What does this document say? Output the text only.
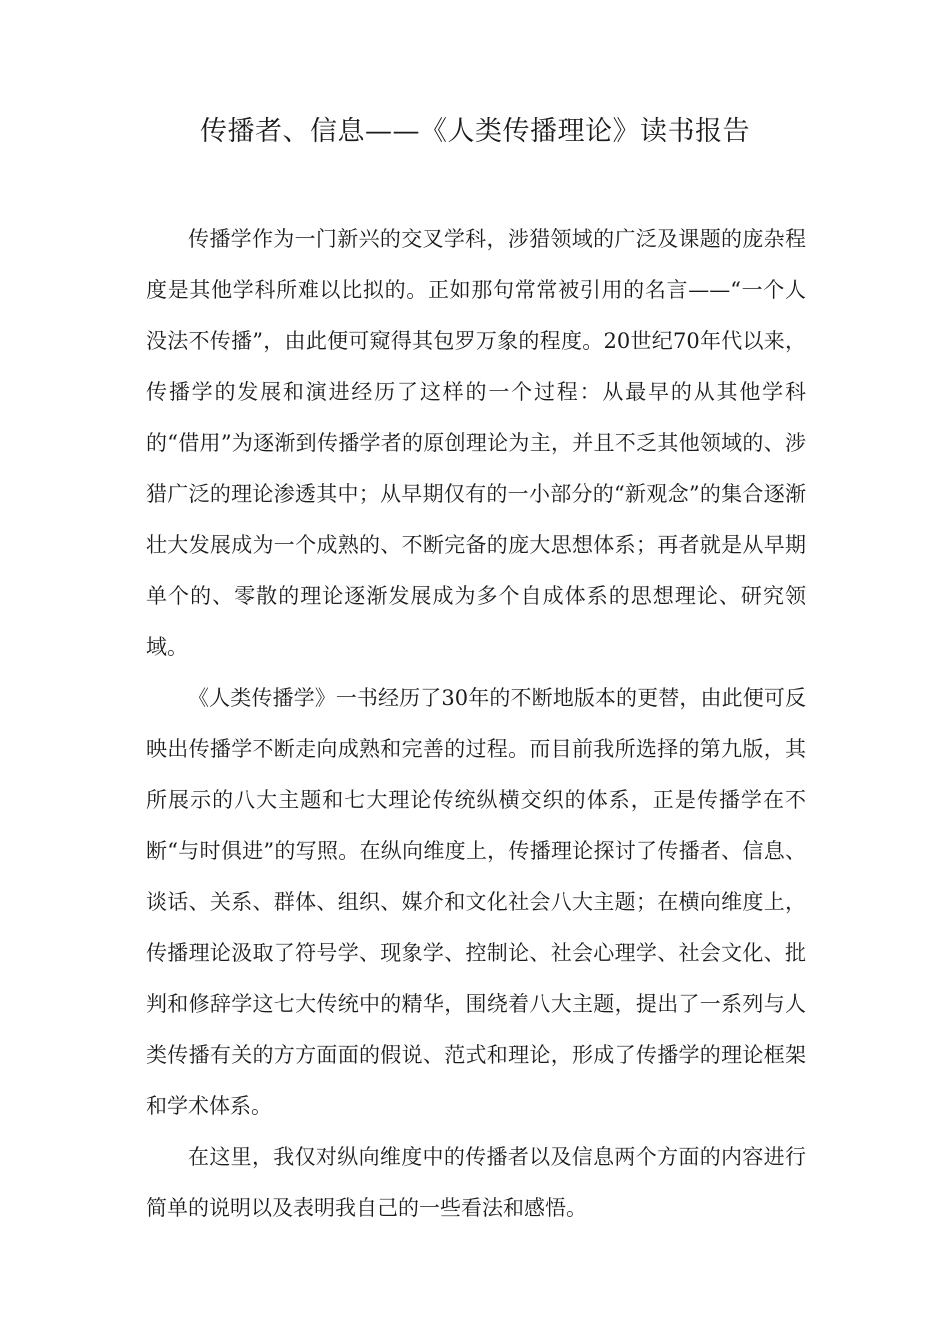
传播者、信息——《人类传播理论》读书报告

传播学作为一门新兴的交叉学科，涉猎领域的广泛及课题的庞杂程度是其他学科所难以比拟的。正如那句常常被引用的名言——“一个人没法不传播”，由此便可窥得其包罗万象的程度。20世纪70年代以来，传播学的发展和演进经历了这样的一个过程：从最早的从其他学科的“借用”为逐渐到传播学者的原创理论为主，并且不乏其他领域的、涉猎广泛的理论渗透其中；从早期仅有的一小部分的“新观念”的集合逐渐壮大发展成为一个成熟的、不断完备的庞大思想体系；再者就是从早期单个的、零散的理论逐渐发展成为多个自成体系的思想理论、研究领域。

《人类传播学》一书经历了30年的不断地版本的更替，由此便可反映出传播学不断走向成熟和完善的过程。而目前我所选择的第九版，其所展示的八大主题和七大理论传统纵横交织的体系，正是传播学在不断“与时俱进”的写照。在纵向维度上，传播理论探讨了传播者、信息、谈话、关系、群体、组织、媒介和文化社会八大主题；在横向维度上，传播理论汲取了符号学、现象学、控制论、社会心理学、社会文化、批判和修辞学这七大传统中的精华，围绕着八大主题，提出了一系列与人类传播有关的方方面面的假说、范式和理论，形成了传播学的理论框架和学术体系。

在这里，我仅对纵向维度中的传播者以及信息两个方面的内容进行简单的说明以及表明我自己的一些看法和感悟。
